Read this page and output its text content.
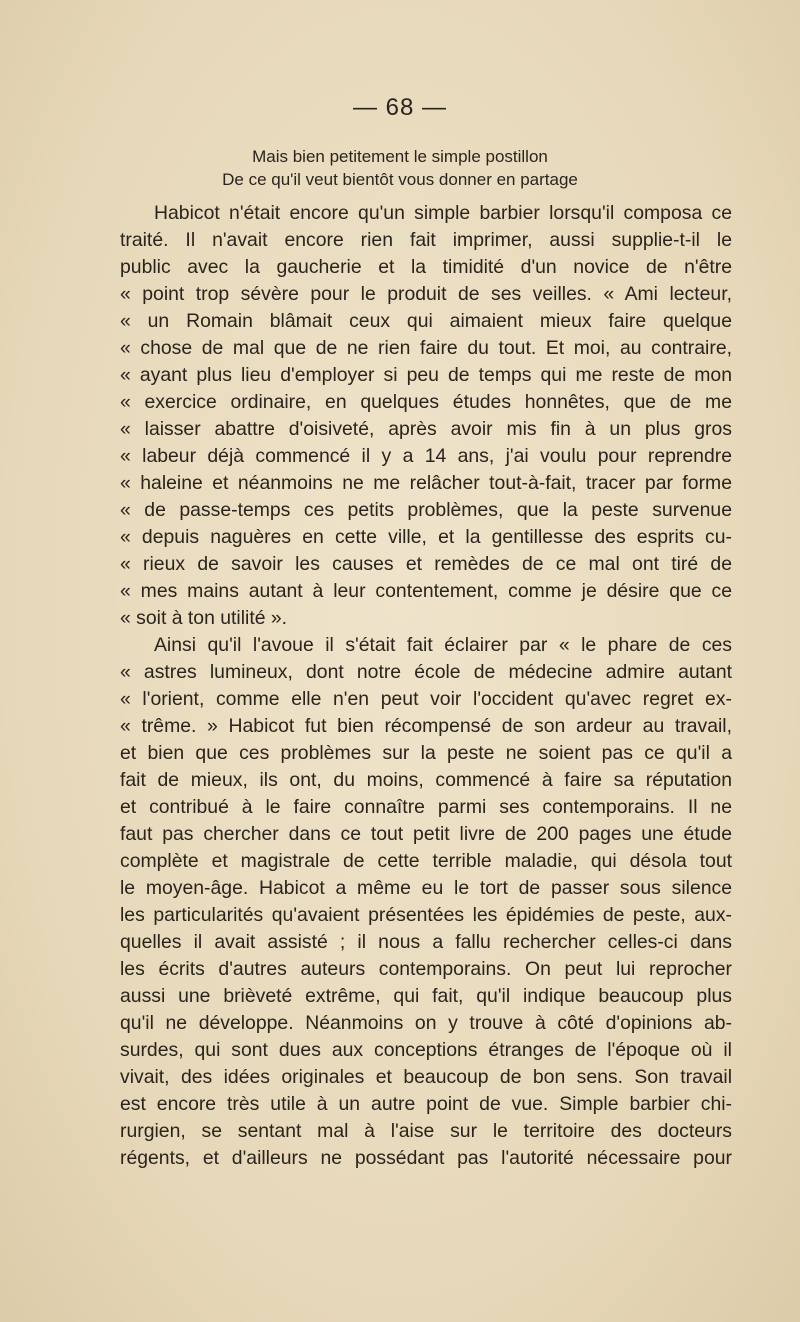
— 68 —
Mais bien petitement le simple postillon
De ce qu'il veut bientôt vous donner en partage
Habicot n'était encore qu'un simple barbier lorsqu'il composa ce
traité. Il n'avait encore rien fait imprimer, aussi supplie-t-il le
public avec la gaucherie et la timidité d'un novice de n'être
« point trop sévère pour le produit de ses veilles. « Ami lecteur,
« un Romain blâmait ceux qui aimaient mieux faire quelque
« chose de mal que de ne rien faire du tout. Et moi, au contraire,
« ayant plus lieu d'employer si peu de temps qui me reste de mon
« exercice ordinaire, en quelques études honnêtes, que de me
« laisser abattre d'oisiveté, après avoir mis fin à un plus gros
« labeur déjà commencé il y a 14 ans, j'ai voulu pour reprendre
« haleine et néanmoins ne me relâcher tout-à-fait, tracer par forme
« de passe-temps ces petits problèmes, que la peste survenue
« depuis naguères en cette ville, et la gentillesse des esprits cu-
« rieux de savoir les causes et remèdes de ce mal ont tiré de
« mes mains autant à leur contentement, comme je désire que ce
« soit à ton utilité ».
Ainsi qu'il l'avoue il s'était fait éclairer par « le phare de ces
« astres lumineux, dont notre école de médecine admire autant
« l'orient, comme elle n'en peut voir l'occident qu'avec regret ex-
« trême. » Habicot fut bien récompensé de son ardeur au travail,
et bien que ces problèmes sur la peste ne soient pas ce qu'il a
fait de mieux, ils ont, du moins, commencé à faire sa réputation
et contribué à le faire connaître parmi ses contemporains. Il ne
faut pas chercher dans ce tout petit livre de 200 pages une étude
complète et magistrale de cette terrible maladie, qui désola tout
le moyen-âge. Habicot a même eu le tort de passer sous silence
les particularités qu'avaient présentées les épidémies de peste, aux-
quelles il avait assisté ; il nous a fallu rechercher celles-ci dans
les écrits d'autres auteurs contemporains. On peut lui reprocher
aussi une brièveté extrême, qui fait, qu'il indique beaucoup plus
qu'il ne développe. Néanmoins on y trouve à côté d'opinions ab-
surdes, qui sont dues aux conceptions étranges de l'époque où il
vivait, des idées originales et beaucoup de bon sens. Son travail
est encore très utile à un autre point de vue. Simple barbier chi-
rurgien, se sentant mal à l'aise sur le territoire des docteurs
régents, et d'ailleurs ne possédant pas l'autorité nécessaire pour
